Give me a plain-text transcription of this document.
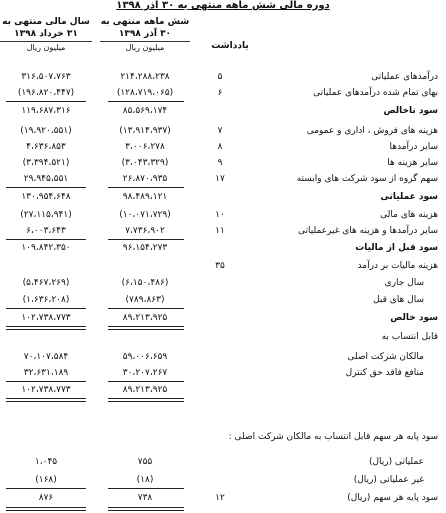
دوره مالی شش ماهه منتهی به ۳۰ آذر ۱۳۹۸
شش ماهه منتهی به
۳۰ آذر ۱۳۹۸
میلیون ریال
سال مالی منتهی به
۳۱ خرداد ۱۳۹۸
میلیون ریال	یادداشت
درآمدهای عملیاتی
۵
۲۱۴،۲۸۸،۲۳۸
۳۱۶،۵۰۷،۷۶۳
بهای تمام شده درآمدهای عملیاتی
۶
(۱۲۸،۷۱۹،۰۶۵)
(۱۹۶،۸۲۰،۴۴۷)
سود ناخالص
۸۵،۵۶۹،۱۷۴
۱۱۹،۶۸۷،۳۱۶
هزینه های فروش ، اداری و عمومی
۷
(۱۳،۹۱۴،۹۳۷)
(۱۹،۹۲۰،۵۵۱)
سایر درآمدها
۸
۳،۰۰۶،۲۷۸
۴،۶۳۶،۸۵۳
سایر هزینه ها
۹
(۳،۰۴۳،۳۲۹)
(۳،۳۹۴،۵۲۱)
سهم گروه از سود شرکت های وابسته
۱۷
۲۶،۸۷۰،۹۳۵
۲۹،۹۴۵،۵۵۱
سود عملیاتی
۹۸،۴۸۹،۱۲۱
۱۳۰،۹۵۴،۶۴۸
هزینه های مالی
۱۰
(۱۰،۰۷۱،۷۲۹)
(۲۷،۱۱۵،۹۴۱)
سایر درآمدها و هزینه های غیرعملیاتی
۱۱
۷،۷۳۶،۹۰۲
۶،۰۰۳،۶۴۳
سود قبل از مالیات
۹۶،۱۵۴،۲۷۳
۱۰۹،۸۴۲،۳۵۰
هزینه مالیات بر درآمد
۳۵
سال جاری
(۶،۱۵۰،۴۸۶)
(۵،۴۶۷،۲۶۹)
سال های قبل
(۷۸۹،۸۶۳)
(۱،۶۳۶،۲۰۸)
سود خالص
۸۹،۲۱۳،۹۲۵
۱۰۲،۷۳۸،۷۷۳
قابل انتساب به
مالکان شرکت اصلی
۵۹،۰۰۶،۶۵۹
۷۰،۱۰۷،۵۸۴
منافع فاقد حق کنترل
۳۰،۲۰۷،۲۶۷
۳۲،۶۳۱،۱۸۹
۸۹،۲۱۳،۹۲۵
۱۰۲،۷۳۸،۷۷۳
سود پایه هر سهم قابل انتساب به مالکان شرکت اصلی :
عملیاتی (ریال)
۷۵۵
۱،۰۴۵
غیر عملیاتی (ریال)
(۱۸)
(۱۶۸)
سود پایه هر سهم (ریال)
۱۲
۷۳۸
۸۷۶
